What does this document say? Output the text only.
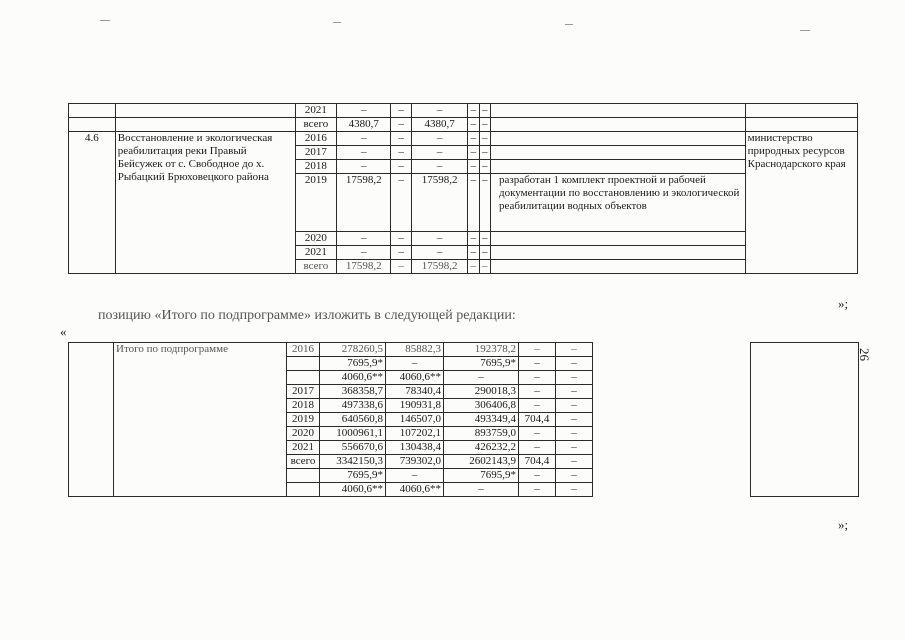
		2021	–	–	–	–	–		
		всего	4380,7	–	4380,7	–	–		
4.6	Восстановление и экологическая реабилитация реки Правый Бейсужек от с. Свободное до х. Рыбацкий Брюховецкого района	2016	–	–	–	–	–		министерство природных ресурсов Краснодарского края
		2017	–	–	–	–	–		
		2018	–	–	–	–	–		
		2019	17598,2	–	17598,2	–	–	разработан 1 комплект проектной и рабочей документации по восстановлению и экологической реабилитации водных объектов	
		2020	–	–	–	–	–		
		2021	–	–	–	–	–		
		всего	17598,2	–	17598,2	–	–		
»;
позицию «Итого по подпрограмме» изложить в следующей редакции:
«
	Итого по подпрограмме	2016	278260,5	85882,3	192378,2	–	–		
			7695,9*	–	7695,9*	–	–		
			4060,6**	4060,6**	–	–	–		
		2017	368358,7	78340,4	290018,3	–	–		
		2018	497338,6	190931,8	306406,8	–	–		
		2019	640560,8	146507,0	493349,4	704,4	–		
		2020	1000961,1	107202,1	893759,0	–	–		
		2021	556670,6	130438,4	426232,2	–	–		
		всего	3342150,3	739302,0	2602143,9	704,4	–		
			7695,9*	–	7695,9*	–	–		
			4060,6**	4060,6**	–	–	–		
»;
26
